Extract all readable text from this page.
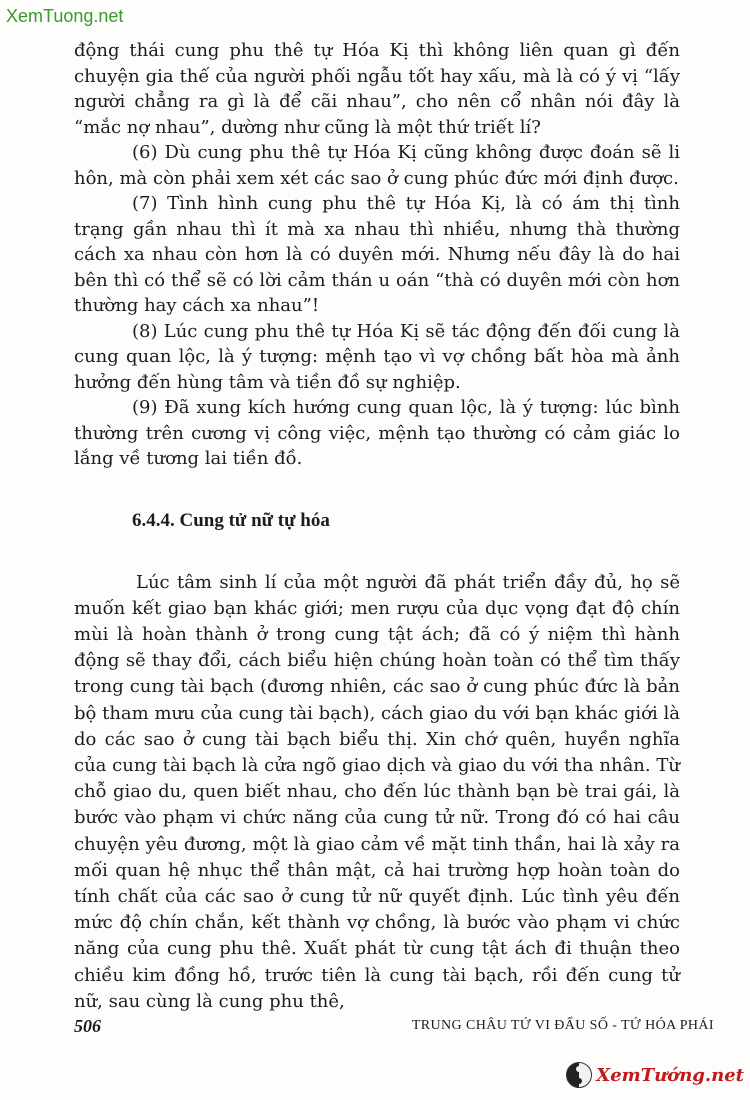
XemTuong.net

động thái cung phu thê tự Hóa Kị thì không liên quan gì đến chuyện gia thế của người phối ngẫu tốt hay xấu, mà là có ý vị “lấy người chẳng ra gì là để cãi nhau”, cho nên cổ nhân nói đây là “mắc nợ nhau”, dường như cũng là một thứ triết lí?

(6) Dù cung phu thê tự Hóa Kị cũng không được đoán sẽ li hôn, mà còn phải xem xét các sao ở cung phúc đức mới định được.

(7) Tình hình cung phu thê tự Hóa Kị, là có ám thị tình trạng gần nhau thì ít mà xa nhau thì nhiều, nhưng thà thường cách xa nhau còn hơn là có duyên mới. Nhưng nếu đây là do hai bên thì có thể sẽ có lời cảm thán u oán “thà có duyên mới còn hơn thường hay cách xa nhau”!

(8) Lúc cung phu thê tự Hóa Kị sẽ tác động đến đối cung là cung quan lộc, là ý tượng: mệnh tạo vì vợ chồng bất hòa mà ảnh hưởng đến hùng tâm và tiền đồ sự nghiệp.

(9) Đã xung kích hướng cung quan lộc, là ý tượng: lúc bình thường trên cương vị công việc, mệnh tạo thường có cảm giác lo lắng về tương lai tiền đồ.

6.4.4. Cung tử nữ tự hóa

Lúc tâm sinh lí của một người đã phát triển đầy đủ, họ sẽ muốn kết giao bạn khác giới; men rượu của dục vọng đạt độ chín mùi là hoàn thành ở trong cung tật ách; đã có ý niệm thì hành động sẽ thay đổi, cách biểu hiện chúng hoàn toàn có thể tìm thấy trong cung tài bạch (đương nhiên, các sao ở cung phúc đức là bản bộ tham mưu của cung tài bạch), cách giao du với bạn khác giới là do các sao ở cung tài bạch biểu thị. Xin chớ quên, huyền nghĩa của cung tài bạch là cửa ngõ giao dịch và giao du với tha nhân. Từ chỗ giao du, quen biết nhau, cho đến lúc thành bạn bè trai gái, là bước vào phạm vi chức năng của cung tử nữ. Trong đó có hai câu chuyện yêu đương, một là giao cảm về mặt tinh thần, hai là xảy ra mối quan hệ nhục thể thân mật, cả hai trường hợp hoàn toàn do tính chất của các sao ở cung tử nữ quyết định. Lúc tình yêu đến mức độ chín chắn, kết thành vợ chồng, là bước vào phạm vi chức năng của cung phu thê. Xuất phát từ cung tật ách đi thuận theo chiều kim đồng hồ, trước tiên là cung tài bạch, rồi đến cung tử nữ, sau cùng là cung phu thê,

506	TRUNG CHÂU TỨ VI ĐẨU SỐ - TỨ HÓA PHÁI
XemTướng.net
